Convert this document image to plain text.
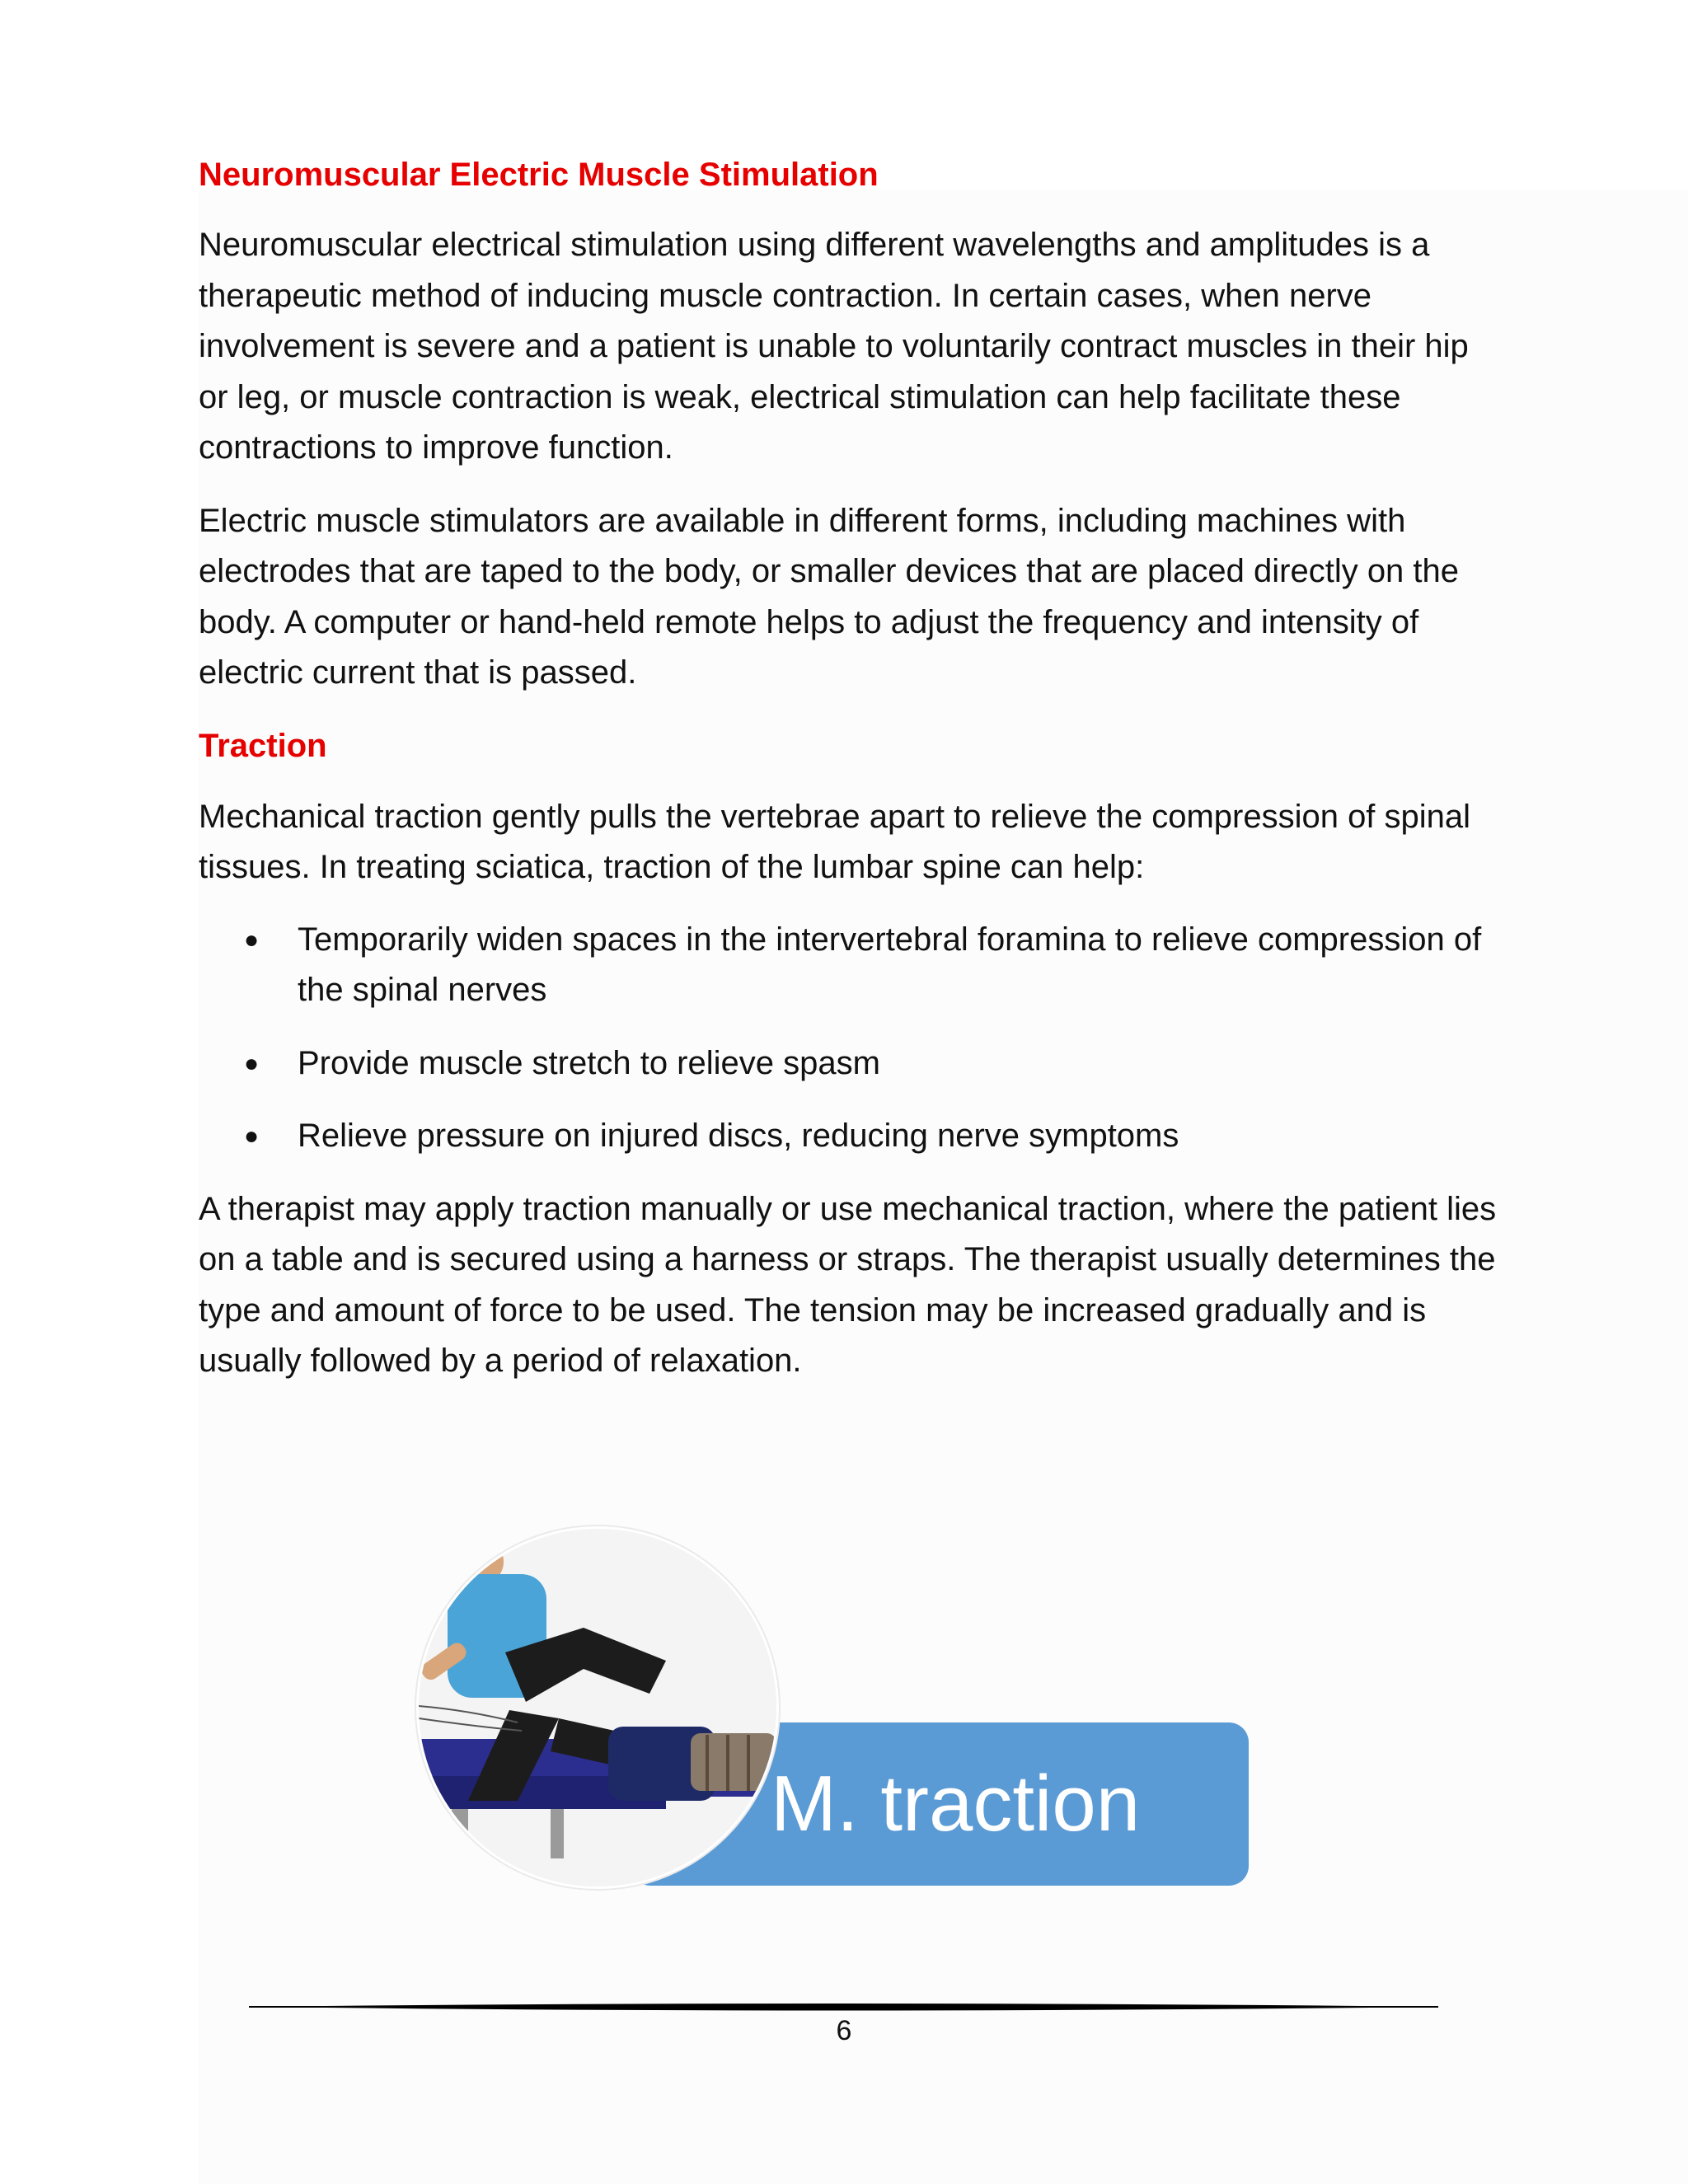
Neuromuscular Electric Muscle Stimulation

Neuromuscular electrical stimulation using different wavelengths and amplitudes is a therapeutic method of inducing muscle contraction. In certain cases, when nerve involvement is severe and a patient is unable to voluntarily contract muscles in their hip or leg, or muscle contraction is weak, electrical stimulation can help facilitate these contractions to improve function.

Electric muscle stimulators are available in different forms, including machines with electrodes that are taped to the body, or smaller devices that are placed directly on the body. A computer or hand-held remote helps to adjust the frequency and intensity of electric current that is passed.

Traction

Mechanical traction gently pulls the vertebrae apart to relieve the compression of spinal tissues. In treating sciatica, traction of the lumbar spine can help:

● Temporarily widen spaces in the intervertebral foramina to relieve compression of the spinal nerves
● Provide muscle stretch to relieve spasm
● Relieve pressure on injured discs, reducing nerve symptoms

A therapist may apply traction manually or use mechanical traction, where the patient lies on a table and is secured using a harness or straps. The therapist usually determines the type and amount of force to be used. The tension may be increased gradually and is usually followed by a period of relaxation.

M. traction
6
